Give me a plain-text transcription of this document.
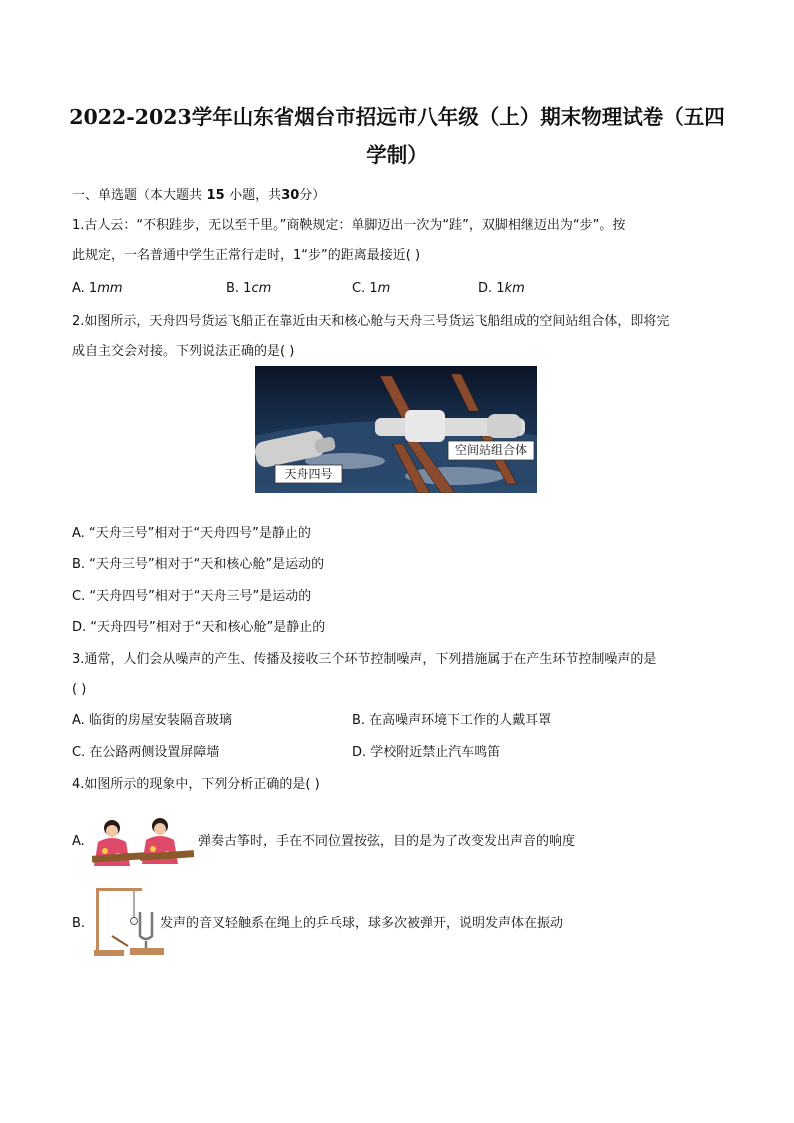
2022-2023学年山东省烟台市招远市八年级（上）期末物理试卷（五四学制）
一、单选题（本大题共 15 小题，共30分）
1.古人云：“不积跬步，无以至千里。”商鞅规定：单脚迈出一次为“跬”，双脚相继迈出为“步”。按
此规定，一名普通中学生正常行走时，1“步”的距离最接近( )
A. 1mm	B. 1cm	C. 1m	D. 1km
2.如图所示，天舟四号货运飞船正在靠近由天和核心舱与天舟三号货运飞船组成的空间站组合体，即将完
成自主交会对接。下列说法正确的是( )
空间站组合体
天舟四号
A. “天舟三号”相对于“天舟四号”是静止的
B. “天舟三号”相对于“天和核心舱”是运动的
C. “天舟四号”相对于“天舟三号”是运动的
D. “天舟四号”相对于“天和核心舱”是静止的
3.通常，人们会从噪声的产生、传播及接收三个环节控制噪声，下列措施属于在产生环节控制噪声的是
( )
A. 临街的房屋安装隔音玻璃	B. 在高噪声环境下工作的人戴耳罩
C. 在公路两侧设置屏障墙	D. 学校附近禁止汽车鸣笛
4.如图所示的现象中，下列分析正确的是( )
A.	弹奏古筝时，手在不同位置按弦，目的是为了改变发出声音的响度
B.	发声的音叉轻触系在绳上的乒乓球，球多次被弹开，说明发声体在振动
